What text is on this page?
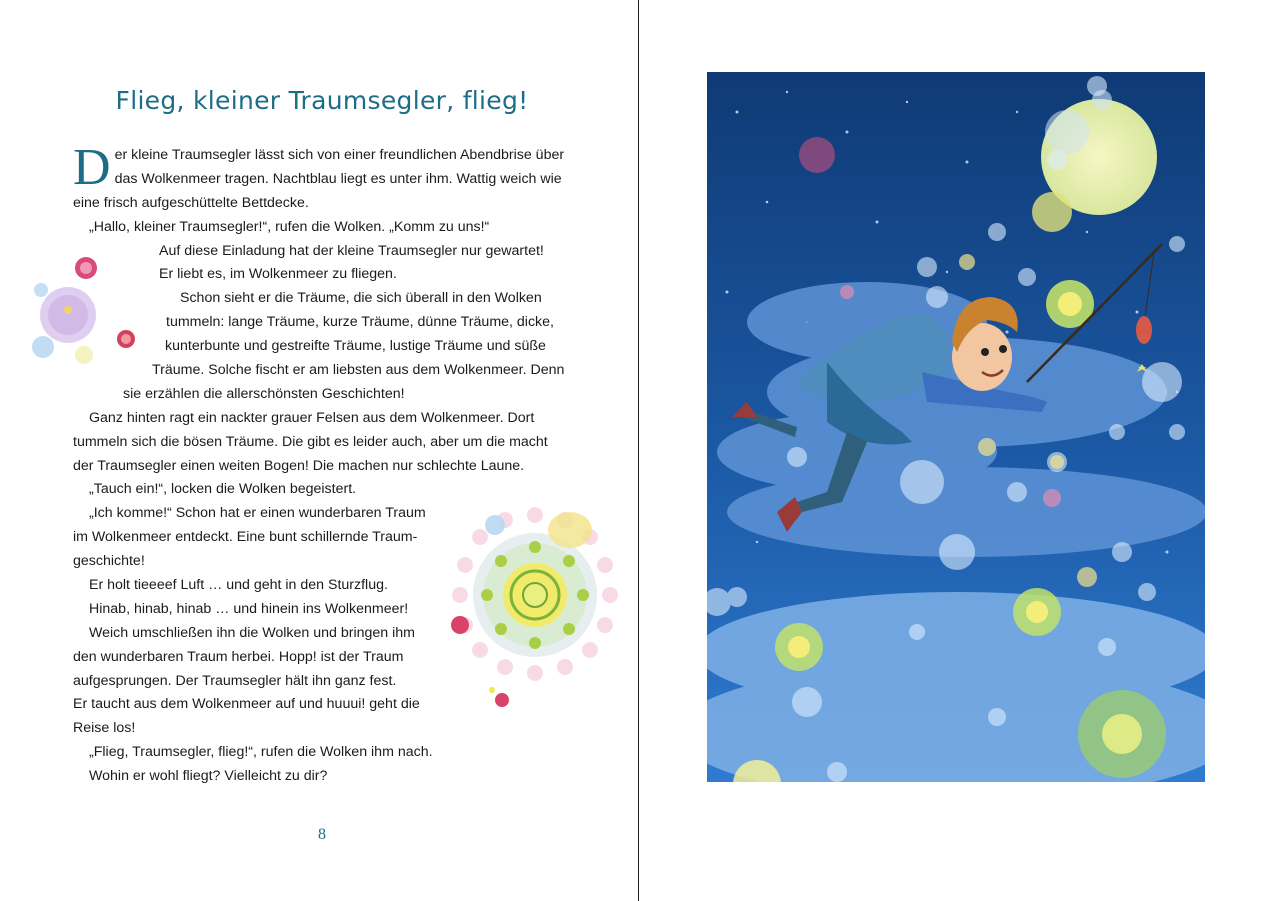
Flieg, kleiner Traumsegler, flieg!
Der kleine Traumsegler lässt sich von einer freundlichen Abendbrise über
das Wolkenmeer tragen. Nachtblau liegt es unter ihm. Wattig weich wie
eine frisch aufgeschüttelte Bettdecke.
„Hallo, kleiner Traumsegler!“, rufen die Wolken. „Komm zu uns!“
Auf diese Einladung hat der kleine Traumsegler nur gewartet!
Er liebt es, im Wolkenmeer zu fliegen.
Schon sieht er die Träume, die sich überall in den Wolken
tummeln: lange Träume, kurze Träume, dünne Träume, dicke,
kunterbunte und gestreifte Träume, lustige Träume und süße
Träume. Solche fischt er am liebsten aus dem Wolkenmeer. Denn
sie erzählen die allerschönsten Geschichten!
Ganz hinten ragt ein nackter grauer Felsen aus dem Wolkenmeer. Dort
tummeln sich die bösen Träume. Die gibt es leider auch, aber um die macht
der Traumsegler einen weiten Bogen! Die machen nur schlechte Laune.
„Tauch ein!“, locken die Wolken begeistert.
„Ich komme!“ Schon hat er einen wunderbaren Traum
im Wolkenmeer entdeckt. Eine bunt schillernde Traum-
geschichte!
Er holt tieeeef Luft … und geht in den Sturzflug.
Hinab, hinab, hinab … und hinein ins Wolkenmeer!
Weich umschließen ihn die Wolken und bringen ihm
den wunderbaren Traum herbei. Hopp! ist der Traum
aufgesprungen. Der Traumsegler hält ihn ganz fest.
Er taucht aus dem Wolkenmeer auf und huuui! geht die
Reise los!
„Flieg, Traumsegler, flieg!“, rufen die Wolken ihm nach.
Wohin er wohl fliegt? Vielleicht zu dir?
8
